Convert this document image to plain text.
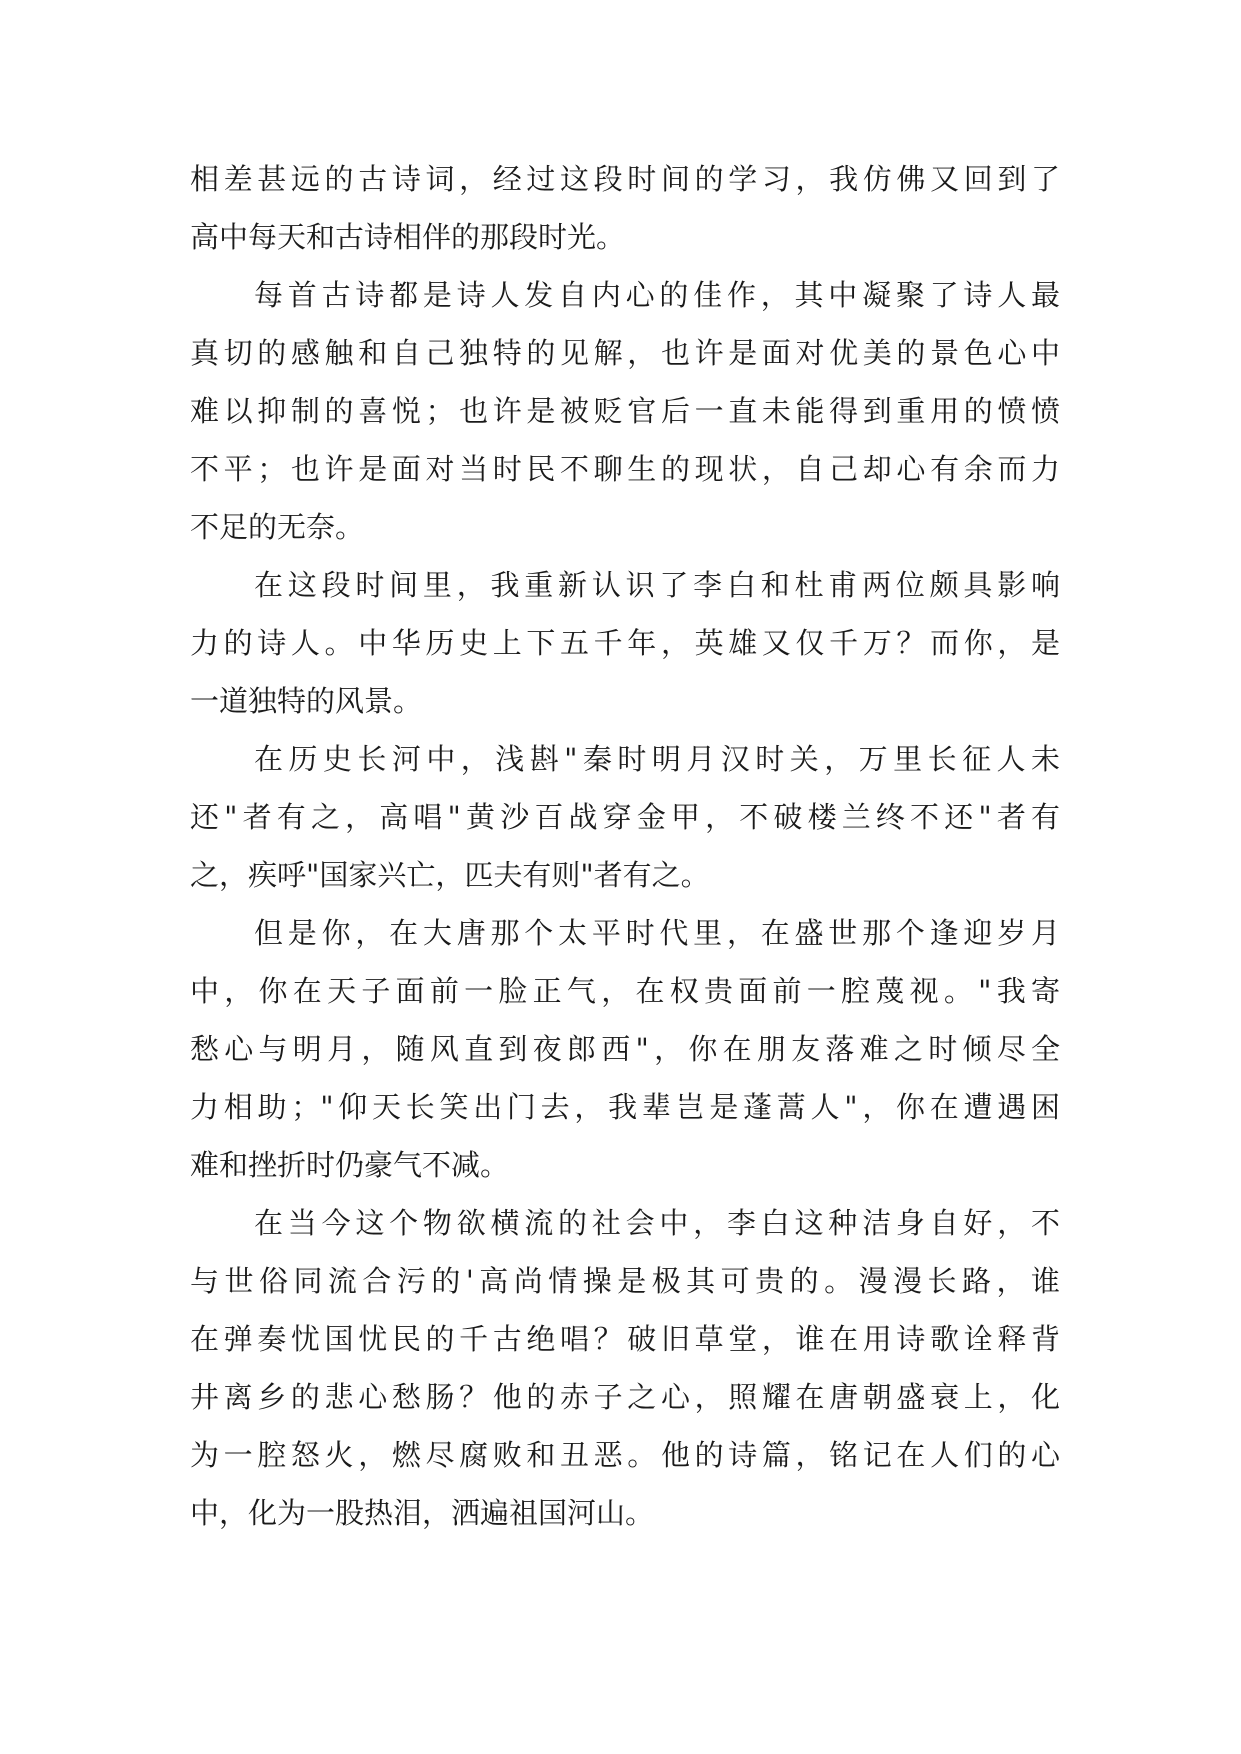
相差甚远的古诗词，经过这段时间的学习，我仿佛又回到了
高中每天和古诗相伴的那段时光。
每首古诗都是诗人发自内心的佳作，其中凝聚了诗人最
真切的感触和自己独特的见解，也许是面对优美的景色心中
难以抑制的喜悦；也许是被贬官后一直未能得到重用的愤愤
不平；也许是面对当时民不聊生的现状，自己却心有余而力
不足的无奈。
在这段时间里，我重新认识了李白和杜甫两位颇具影响
力的诗人。中华历史上下五千年，英雄又仅千万？而你，是
一道独特的风景。
在历史长河中，浅斟"秦时明月汉时关，万里长征人未
还"者有之，高唱"黄沙百战穿金甲，不破楼兰终不还"者有
之，疾呼"国家兴亡，匹夫有则"者有之。
但是你，在大唐那个太平时代里，在盛世那个逢迎岁月
中，你在天子面前一脸正气，在权贵面前一腔蔑视。"我寄
愁心与明月，随风直到夜郎西"，你在朋友落难之时倾尽全
力相助；"仰天长笑出门去，我辈岂是蓬蒿人"，你在遭遇困
难和挫折时仍豪气不减。
在当今这个物欲横流的社会中，李白这种洁身自好，不
与世俗同流合污的'高尚情操是极其可贵的。漫漫长路，谁
在弹奏忧国忧民的千古绝唱？破旧草堂，谁在用诗歌诠释背
井离乡的悲心愁肠？他的赤子之心，照耀在唐朝盛衰上，化
为一腔怒火，燃尽腐败和丑恶。他的诗篇，铭记在人们的心
中，化为一股热泪，洒遍祖国河山。
